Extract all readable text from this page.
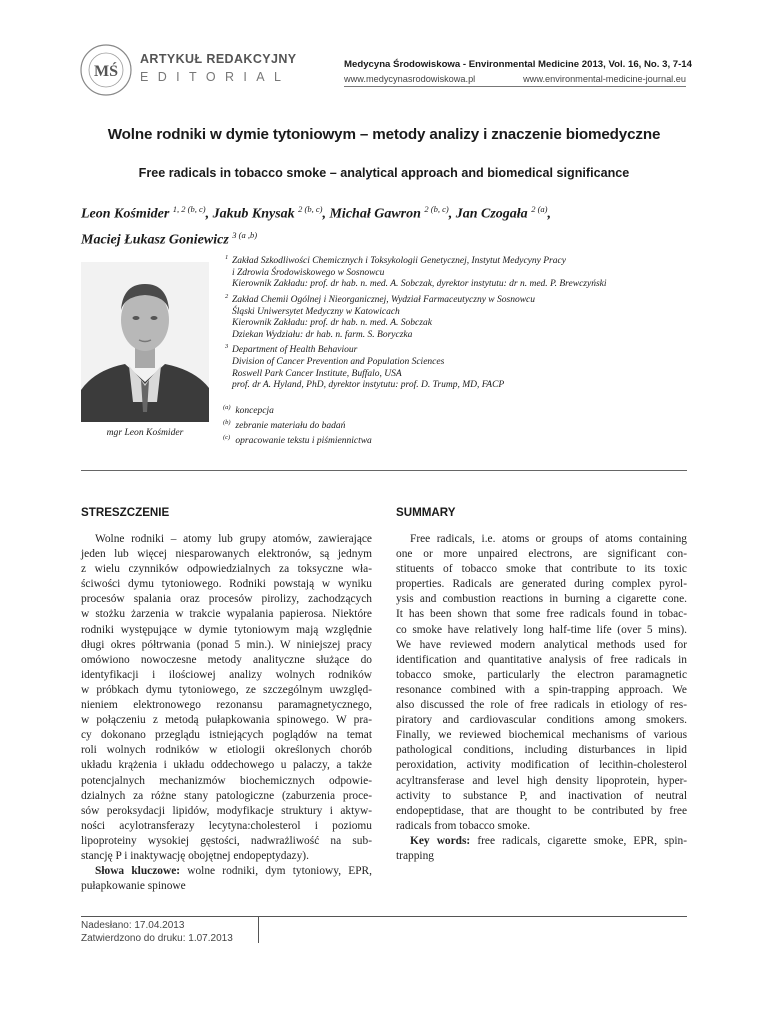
MŚ
ARTYKUŁ REDAKCYJNY
EDITORIAL
Medycyna Środowiskowa - Environmental Medicine 2013, Vol. 16, No. 3, 7-14
www.medycynasrodowiskowa.pl	www.environmental-medicine-journal.eu
Wolne rodniki w dymie tytoniowym – metody analizy i znaczenie biomedyczne
Free radicals in tobacco smoke – analytical approach and biomedical significance
Leon Kośmider $^{1, 2 (b, c)}$, Jakub Knysak $^{2 (b, c)}$, Michał Gawron $^{2 (b, c)}$, Jan Czogała $^{2 (a)}$,
Maciej Łukasz Goniewicz $^{3 (a ,b)}$
mgr Leon Kośmider
$^1$ Zakład Szkodliwości Chemicznych i Toksykologii Genetycznej, Instytut Medycyny Pracy
i Zdrowia Środowiskowego w Sosnowcu
Kierownik Zakładu: prof. dr hab. n. med. A. Sobczak, dyrektor instytutu: dr n. med. P. Brewczyński
$^2$ Zakład Chemii Ogólnej i Nieorganicznej, Wydział Farmaceutyczny w Sosnowcu
Śląski Uniwersytet Medyczny w Katowicach
Kierownik Zakładu: prof. dr hab. n. med. A. Sobczak
Dziekan Wydziału: dr hab. n. farm. S. Boryczka
$^3$ Department of Health Behaviour
Division of Cancer Prevention and Population Sciences
Roswell Park Cancer Institute, Buffalo, USA
prof. dr A. Hyland, PhD, dyrektor instytutu: prof. D. Trump, MD, FACP
$^{(a)}$ koncepcja
$^{(b)}$ zebranie materiału do badań
$^{(c)}$ opracowanie tekstu i piśmiennictwa
STRESZCZENIE	SUMMARY
Wolne rodniki – atomy lub grupy atomów, zawierające
jeden lub więcej niesparowanych elektronów, są jednym
z wielu czynników odpowiedzialnych za toksyczne wła-
ściwości dymu tytoniowego. Rodniki powstają w wyniku
procesów spalania oraz procesów pirolizy, zachodzących
w stożku żarzenia w trakcie wypalania papierosa. Niektóre
rodniki występujące w dymie tytoniowym mają względnie
długi okres półtrwania (ponad 5 min.). W niniejszej pracy
omówiono nowoczesne metody analityczne służące do
identyfikacji i ilościowej analizy wolnych rodników
w próbkach dymu tytoniowego, ze szczególnym uwzględ-
nieniem elektronowego rezonansu paramagnetycznego,
w połączeniu z metodą pułapkowania spinowego. W pra-
cy dokonano przeglądu istniejących poglądów na temat
roli wolnych rodników w etiologii określonych chorób
układu krążenia i układu oddechowego u palaczy, a także
potencjalnych mechanizmów biochemicznych odpowie-
dzialnych za różne stany patologiczne (zaburzenia proce-
sów peroksydacji lipidów, modyfikacje struktury i aktyw-
ności acylotransferazy lecytyna:cholesterol i poziomu
lipoproteiny wysokiej gęstości, nadwrażliwość na sub-
stancję P i inaktywację obojętnej endopeptydazy).
Słowa kluczowe: wolne rodniki, dym tytoniowy, EPR,
pułapkowanie spinowe
Free radicals, i.e. atoms or groups of atoms containing
one or more unpaired electrons, are significant con-
stituents of tobacco smoke that contribute to its toxic
properties. Radicals are generated during complex pyrol-
ysis and combustion reactions in burning a cigarette cone.
It has been shown that some free radicals found in tobac-
co smoke have relatively long half-time life (over 5 mins).
We have reviewed modern analytical methods used for
identification and quantitative analysis of free radicals in
tobacco smoke, particularly the electron paramagnetic
resonance combined with a spin-trapping approach. We
also discussed the role of free radicals in etiology of res-
piratory and cardiovascular conditions among smokers.
Finally, we reviewed biochemical mechanisms of various
pathological conditions, including disturbances in lipid
peroxidation, activity modification of lecithin-cholesterol
acyltransferase and level high density lipoprotein, hyper-
activity to substance P, and inactivation of neutral
endopeptidase, that are thought to be contributed by free
radicals from tobacco smoke.
Key words: free radicals, cigarette smoke, EPR, spin-
trapping
Nadesłano: 17.04.2013
Zatwierdzono do druku: 1.07.2013
